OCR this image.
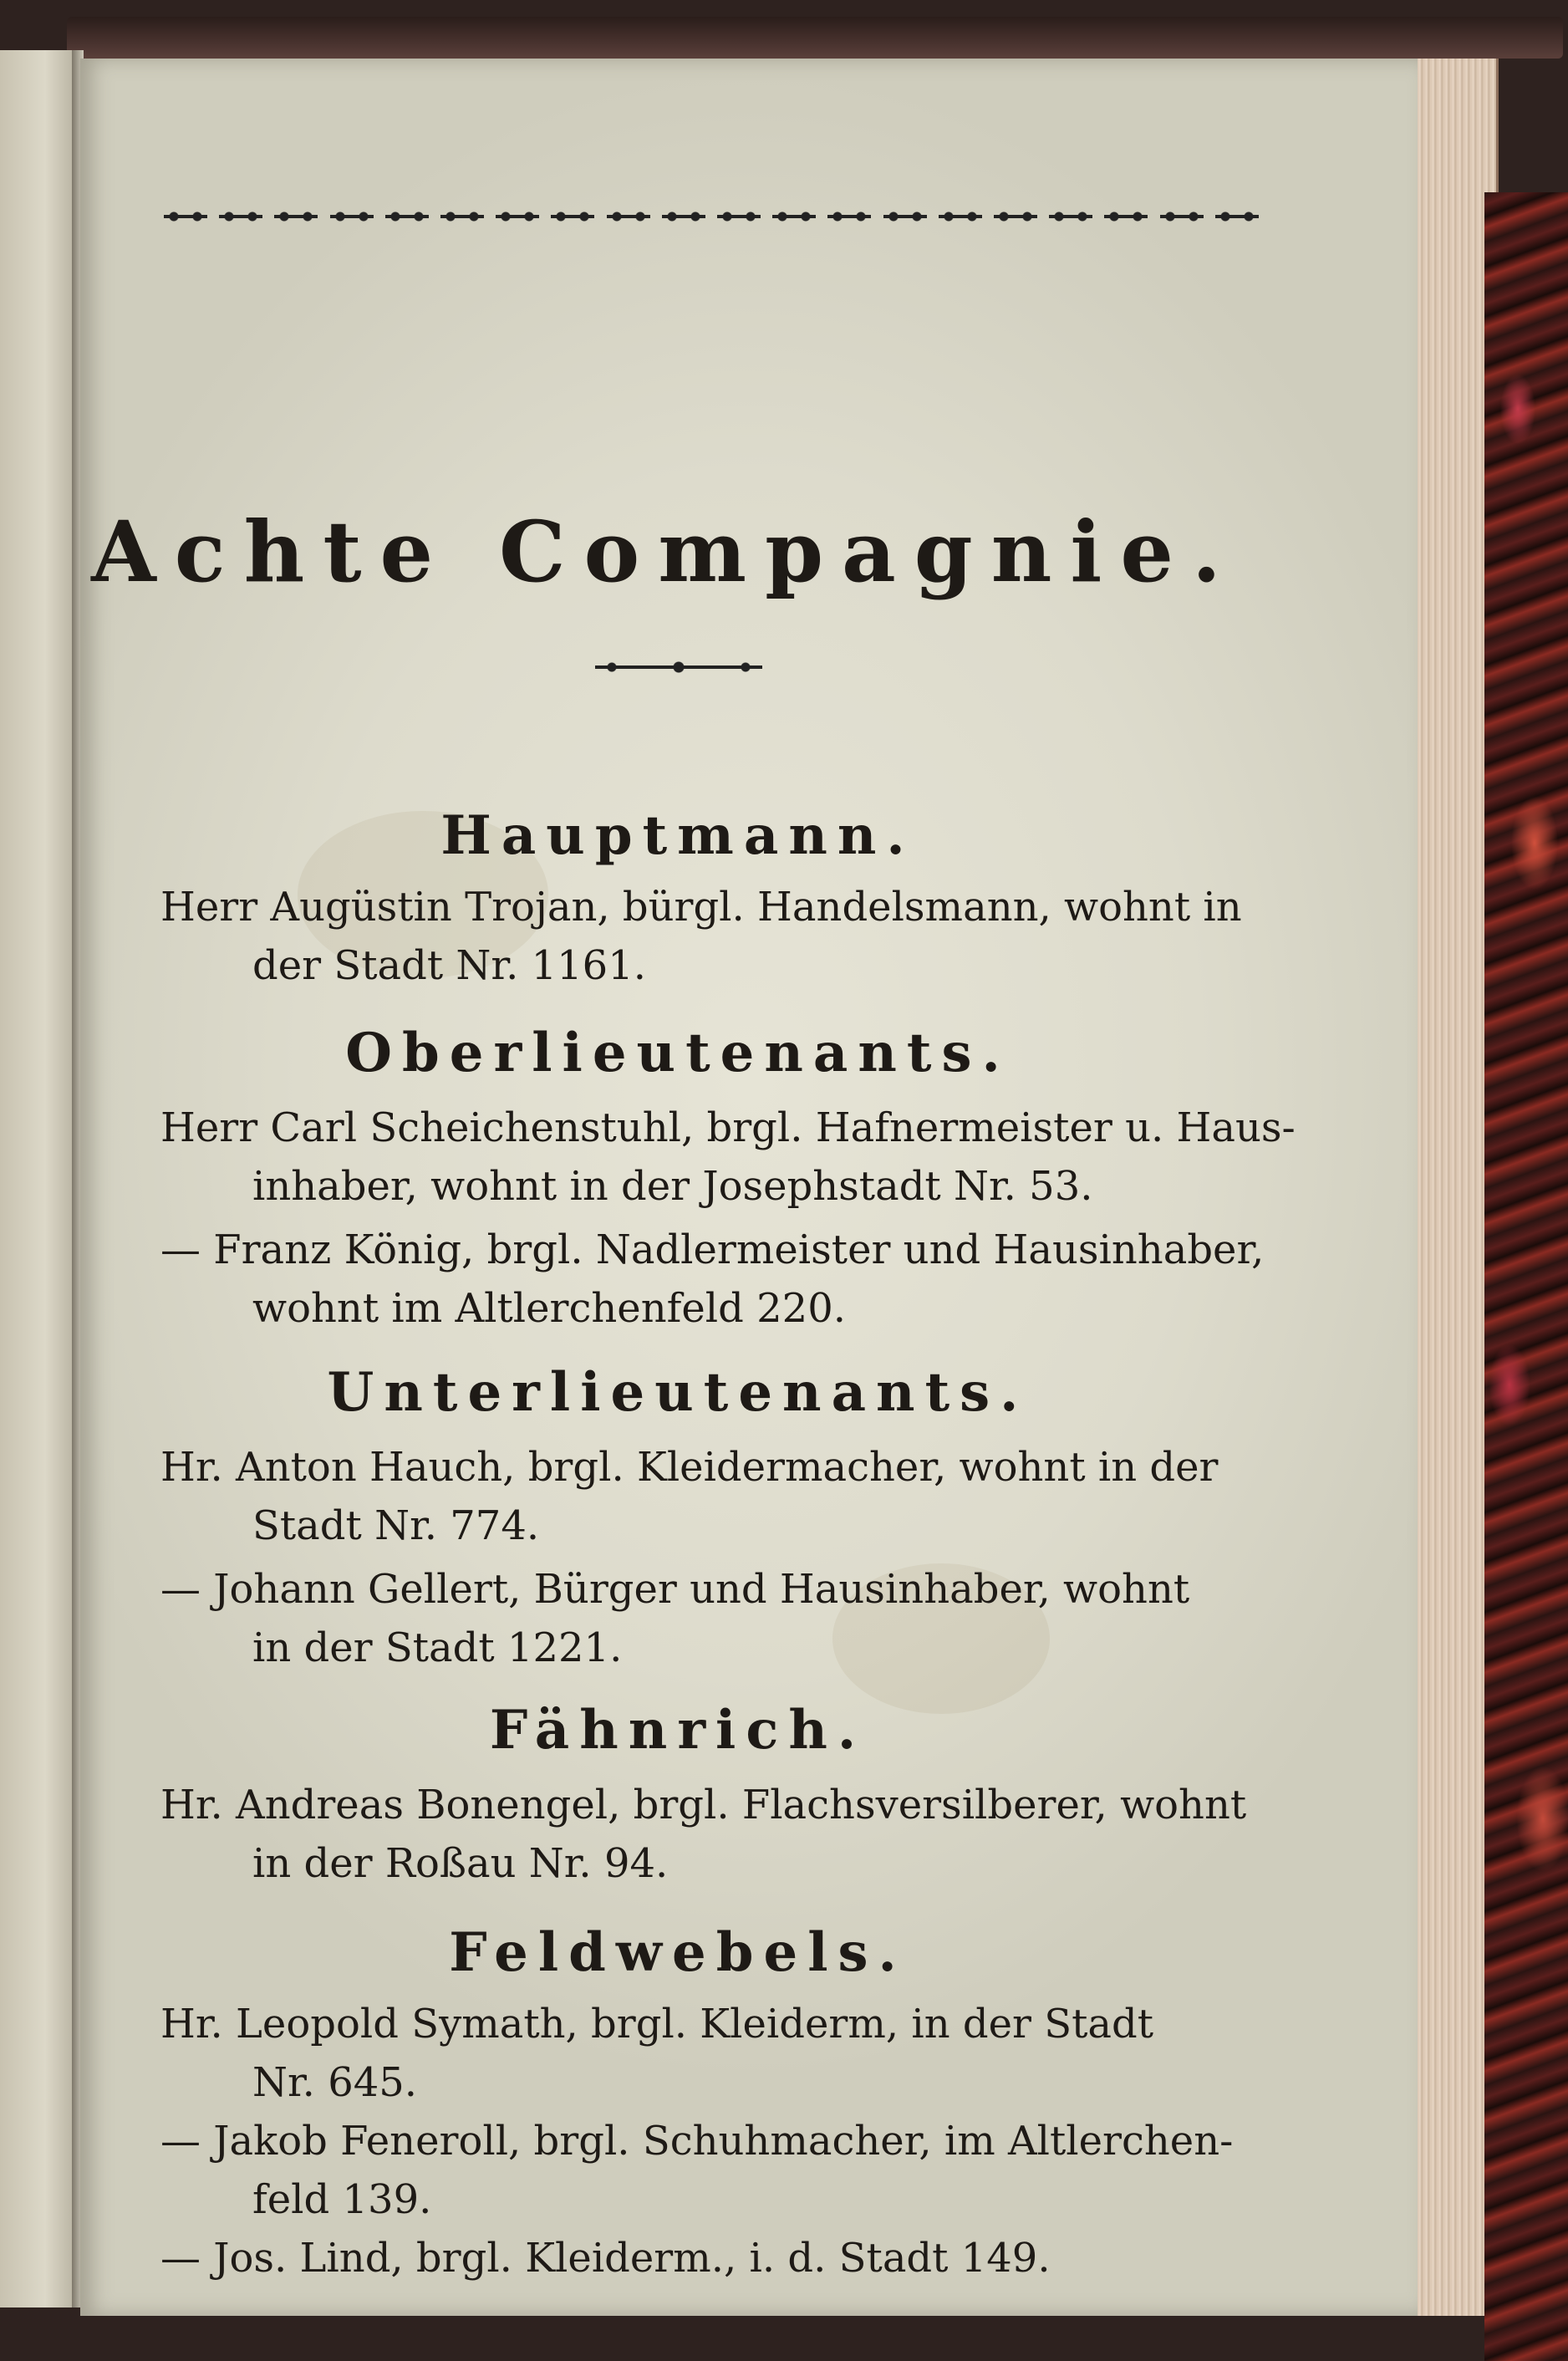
Achte Compagnie.
Hauptmann.
Herr Augüstin Trojan, bürgl. Handelsmann, wohnt in
der Stadt Nr. 1161.
Oberlieutenants.
Herr Carl Scheichenstuhl, brgl. Hafnermeister u. Haus-
inhaber, wohnt in der Josephstadt Nr. 53.
— Franz König, brgl. Nadlermeister und Hausinhaber,
wohnt im Altlerchenfeld 220.
Unterlieutenants.
Hr. Anton Hauch, brgl. Kleidermacher, wohnt in der
Stadt Nr. 774.
— Johann Gellert, Bürger und Hausinhaber, wohnt
in der Stadt 1221.
Fähnrich.
Hr. Andreas Bonengel, brgl. Flachsversilberer, wohnt
in der Roßau Nr. 94.
Feldwebels.
Hr. Leopold Symath, brgl. Kleiderm, in der Stadt
Nr. 645.
— Jakob Feneroll, brgl. Schuhmacher, im Altlerchen-
feld 139.
— Jos. Lind, brgl. Kleiderm., i. d. Stadt 149.
